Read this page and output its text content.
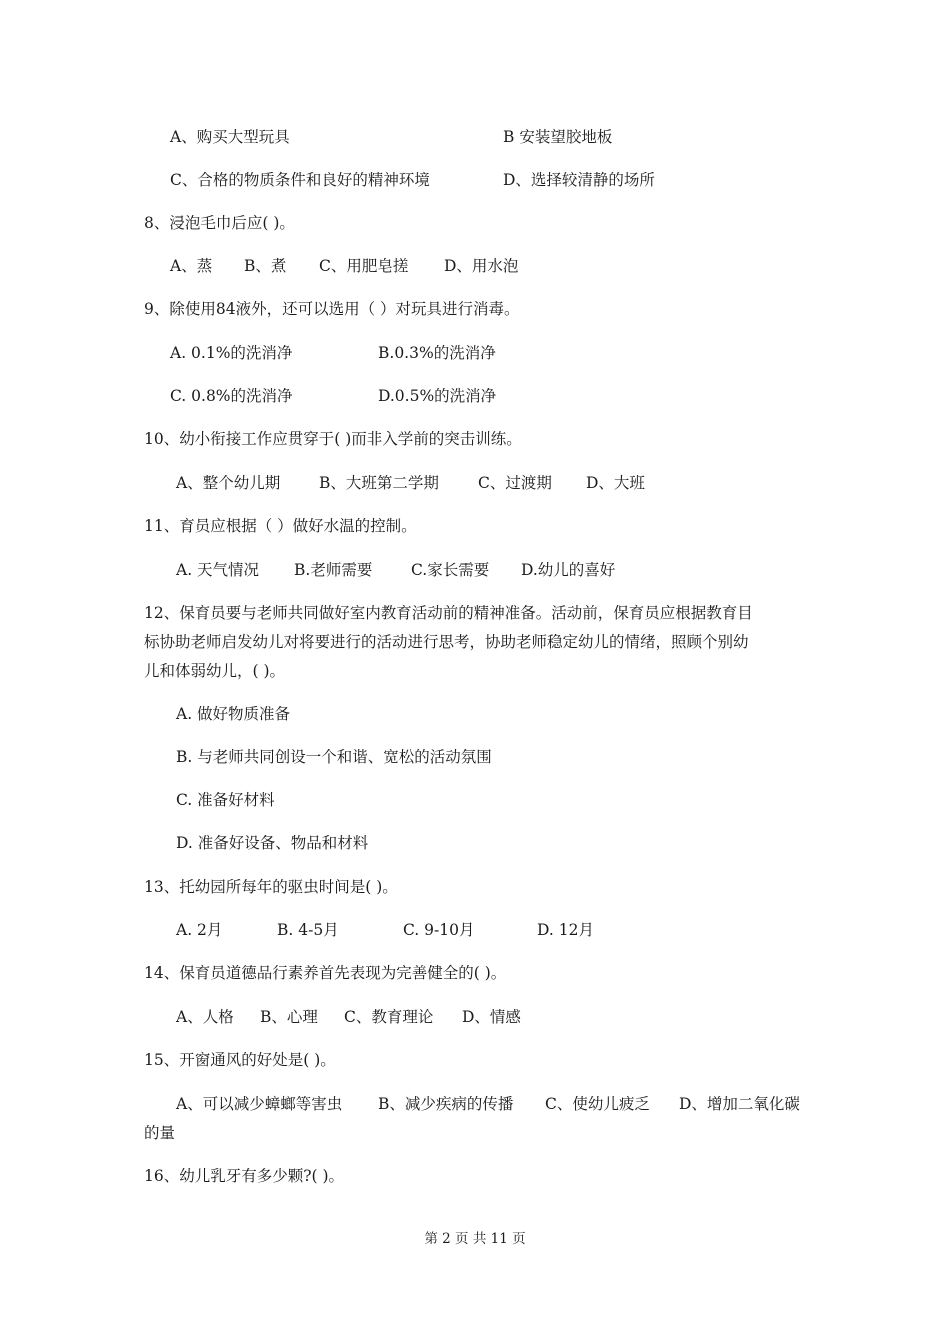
A、购买大型玩具	B 安装望胶地板
C、合格的物质条件和良好的精神环境	D、选择较清静的场所
8、浸泡毛巾后应( )。
A、蒸 B、煮 C、用肥皂搓 D、用水泡
9、除使用84液外，还可以选用（ ）对玩具进行消毒。
A. 0.1%的洗消净	B.0.3%的洗消净
C. 0.8%的洗消净	D.0.5%的洗消净
10、幼小衔接工作应贯穿于( )而非入学前的突击训练。
A、整个幼儿期	B、大班第二学期	C、过渡期 D、大班
11、育员应根据（ ）做好水温的控制。
A. 天气情况 B.老师需要 C.家长需要 D.幼儿的喜好
12、保育员要与老师共同做好室内教育活动前的精神准备。活动前，保育员应根据教育目
标协助老师启发幼儿对将要进行的活动进行思考，协助老师稳定幼儿的情绪，照顾个别幼
儿和体弱幼儿，( )。
A. 做好物质准备
B. 与老师共同创设一个和谐、宽松的活动氛围
C. 准备好材料
D. 准备好设备、物品和材料
13、托幼园所每年的驱虫时间是( )。
A. 2月	B. 4-5月	C. 9-10月	D. 12月
14、保育员道德品行素养首先表现为完善健全的( )。
A、人格 B、心理 C、教育理论 D、情感
15、开窗通风的好处是( )。
A、可以减少蟑螂等害虫 B、减少疾病的传播 C、使幼儿疲乏 D、增加二氧化碳
的量
16、幼儿乳牙有多少颗?( )。
第 2 页 共 11 页
